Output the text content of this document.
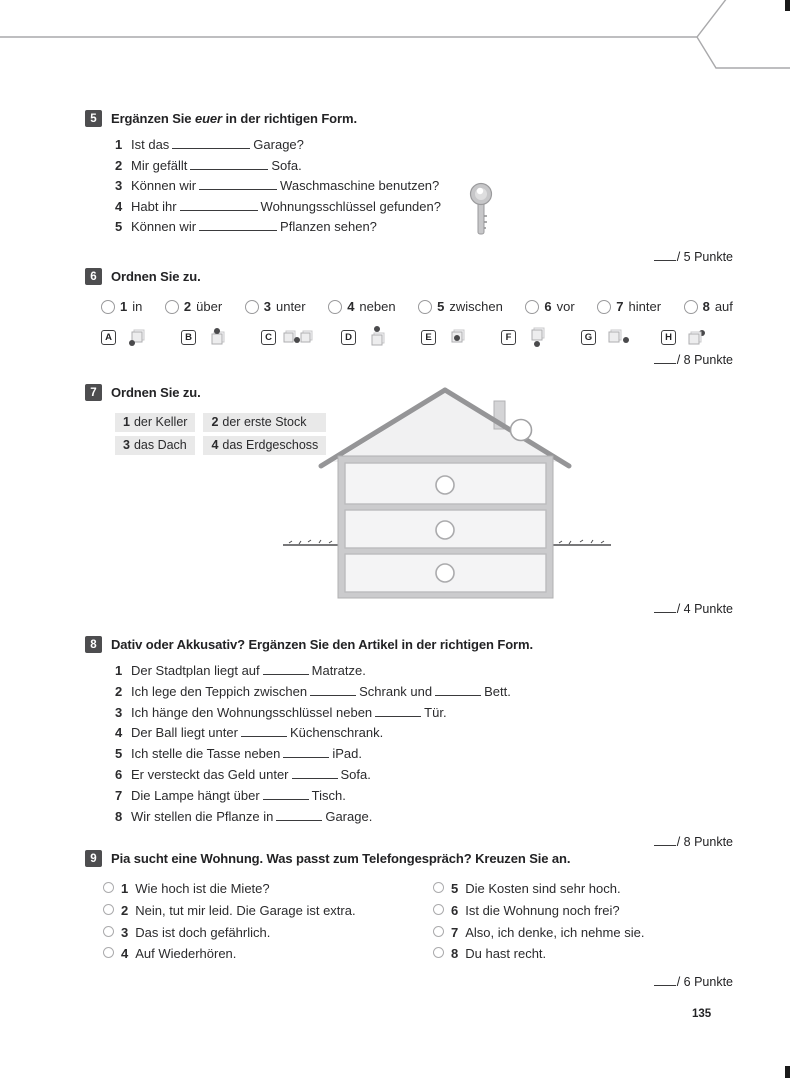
5	Ergänzen Sie euer in der richtigen Form.
1 Ist das	Garage?
2 Mir gefällt	Sofa.
3 Können wir	Waschmaschine benutzen?
4 Habt ihr	Wohnungsschlüssel gefunden?
5 Können wir	Pflanzen sehen?
/ 5 Punkte
6	Ordnen Sie zu.
1 in	2 über	3 unter	4 neben	5 zwischen	6 vor	7 hinter	8 auf
A	B	C	D	E	F	G	H
/ 8 Punkte
7	Ordnen Sie zu.
1 der Keller	2 der erste Stock
3 das Dach	4 das Erdgeschoss
/ 4 Punkte
8	Dativ oder Akkusativ? Ergänzen Sie den Artikel in der richtigen Form.
1 Der Stadtplan liegt auf	Matratze.
2 Ich lege den Teppich zwischen	Schrank und	Bett.
3 Ich hänge den Wohnungsschlüssel neben	Tür.
4 Der Ball liegt unter	Küchenschrank.
5 Ich stelle die Tasse neben	iPad.
6 Er versteckt das Geld unter	Sofa.
7 Die Lampe hängt über	Tisch.
8 Wir stellen die Pflanze in	Garage.
/ 8 Punkte
9	Pia sucht eine Wohnung. Was passt zum Telefongespräch? Kreuzen Sie an.
1 Wie hoch ist die Miete?
2 Nein, tut mir leid. Die Garage ist extra.
3 Das ist doch gefährlich.
4 Auf Wiederhören.
5 Die Kosten sind sehr hoch.
6 Ist die Wohnung noch frei?
7 Also, ich denke, ich nehme sie.
8 Du hast recht.
/ 6 Punkte
135
